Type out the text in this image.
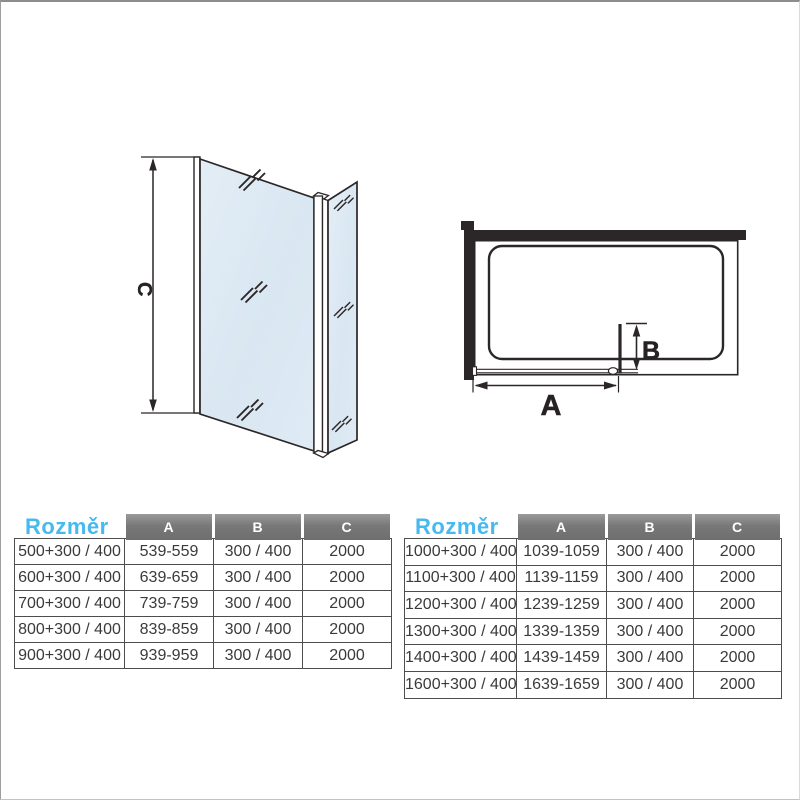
C
B
A
Rozměr	A	B	C
500+300 / 400	539-559	300 / 400	2000
600+300 / 400	639-659	300 / 400	2000
700+300 / 400	739-759	300 / 400	2000
800+300 / 400	839-859	300 / 400	2000
900+300 / 400	939-959	300 / 400	2000
Rozměr	A	B	C
1000+300 / 400	1039-1059	300 / 400	2000
1100+300 / 400	1139-1159	300 / 400	2000
1200+300 / 400	1239-1259	300 / 400	2000
1300+300 / 400	1339-1359	300 / 400	2000
1400+300 / 400	1439-1459	300 / 400	2000
1600+300 / 400	1639-1659	300 / 400	2000
